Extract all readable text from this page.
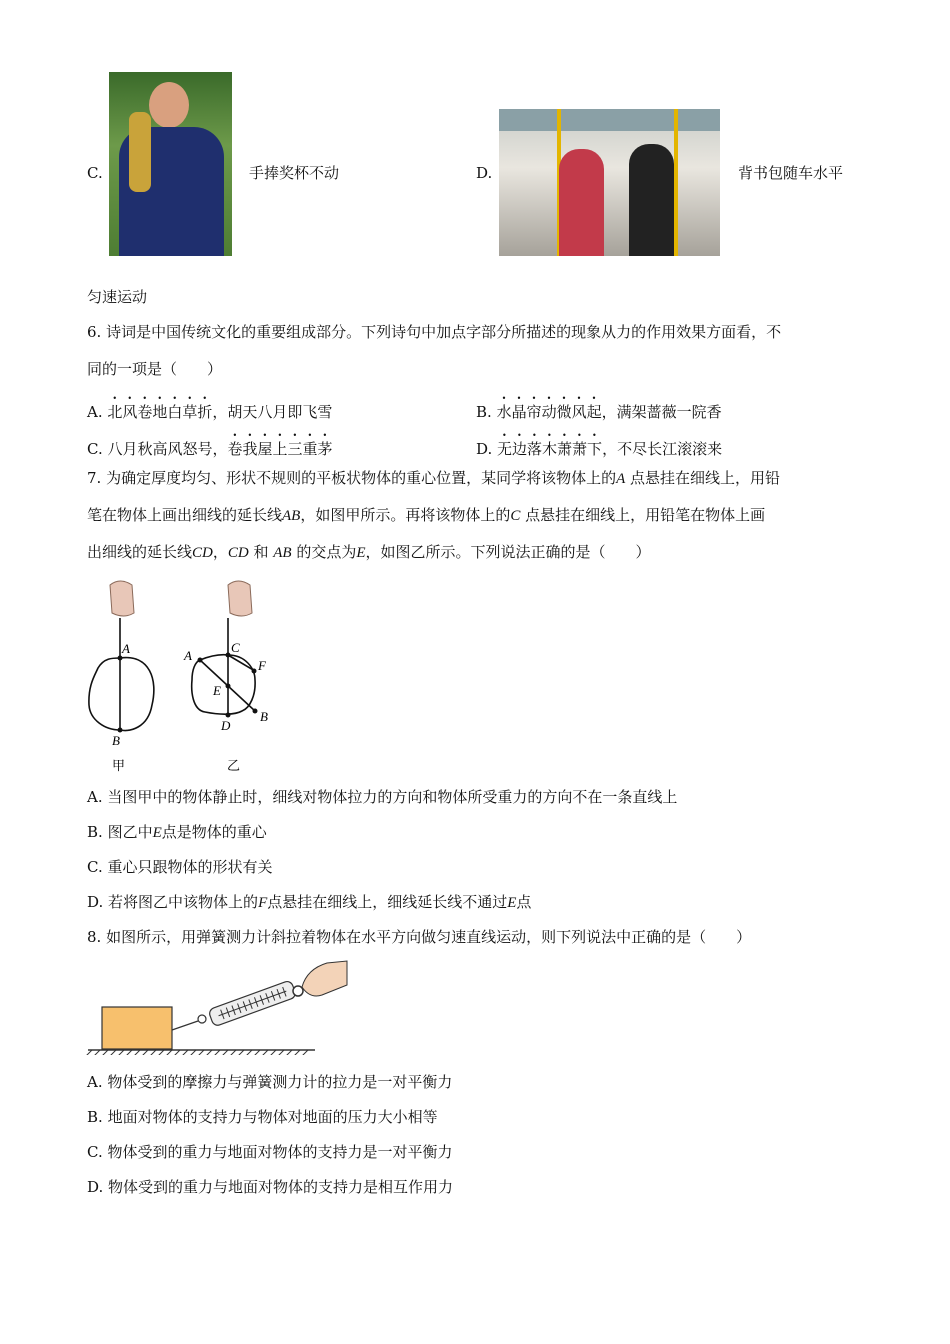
C.	手捧奖杯不动	D.	背书包随车水平
匀速运动
6. 诗词是中国传统文化的重要组成部分。下列诗句中加点字部分所描述的现象从力的作用效果方面看，不
同的一项是（　　）
A. 北风卷地白草折，胡天八月即飞雪	B. 水晶帘动微风起，满架蔷薇一院香
C. 八月秋高风怒号，卷我屋上三重茅	D. 无边落木萧萧下，不尽长江滚滚来
7. 为确定厚度均匀、形状不规则的平板状物体的重心位置，某同学将该物体上的A 点悬挂在细线上，用铅
笔在物体上画出细线的延长线AB，如图甲所示。再将该物体上的C 点悬挂在细线上，用铅笔在物体上画
出细线的延长线CD，CD 和 AB 的交点为E，如图乙所示。下列说法正确的是（　　）
A
B
A
C
F
E
D
B
甲	乙
A. 当图甲中的物体静止时，细线对物体拉力的方向和物体所受重力的方向不在一条直线上
B. 图乙中E点是物体的重心
C. 重心只跟物体的形状有关
D. 若将图乙中该物体上的F点悬挂在细线上，细线延长线不通过E点
8. 如图所示，用弹簧测力计斜拉着物体在水平方向做匀速直线运动，则下列说法中正确的是（　　）
A. 物体受到的摩擦力与弹簧测力计的拉力是一对平衡力
B. 地面对物体的支持力与物体对地面的压力大小相等
C. 物体受到的重力与地面对物体的支持力是一对平衡力
D. 物体受到的重力与地面对物体的支持力是相互作用力
